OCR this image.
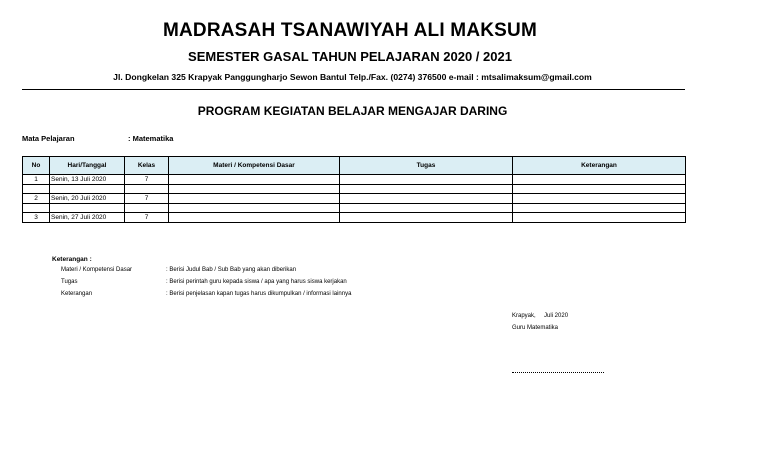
MADRASAH TSANAWIYAH ALI MAKSUM
SEMESTER GASAL TAHUN PELAJARAN 2020 / 2021
Jl. Dongkelan 325 Krapyak Panggungharjo Sewon Bantul Telp./Fax. (0274) 376500 e-mail : mtsalimaksum@gmail.com
PROGRAM KEGIATAN BELAJAR MENGAJAR DARING
Mata Pelajaran	: Matematika
No	Hari/Tanggal	Kelas	Materi / Kompetensi Dasar	Tugas	Keterangan
1	Senin, 13 Juli 2020	7			

2	Senin, 20 Juli 2020	7			

3	Senin, 27 Juli 2020	7			
Keterangan :
Materi / Kompetensi Dasar	: Berisi Judul Bab / Sub Bab yang akan diberikan
Tugas	: Berisi perintah guru kepada siswa / apa yang harus siswa kerjakan
Keterangan	: Berisi penjelasan kapan tugas harus dikumpulkan / informasi lainnya
Krapyak,     Juli 2020
Guru Matematika
